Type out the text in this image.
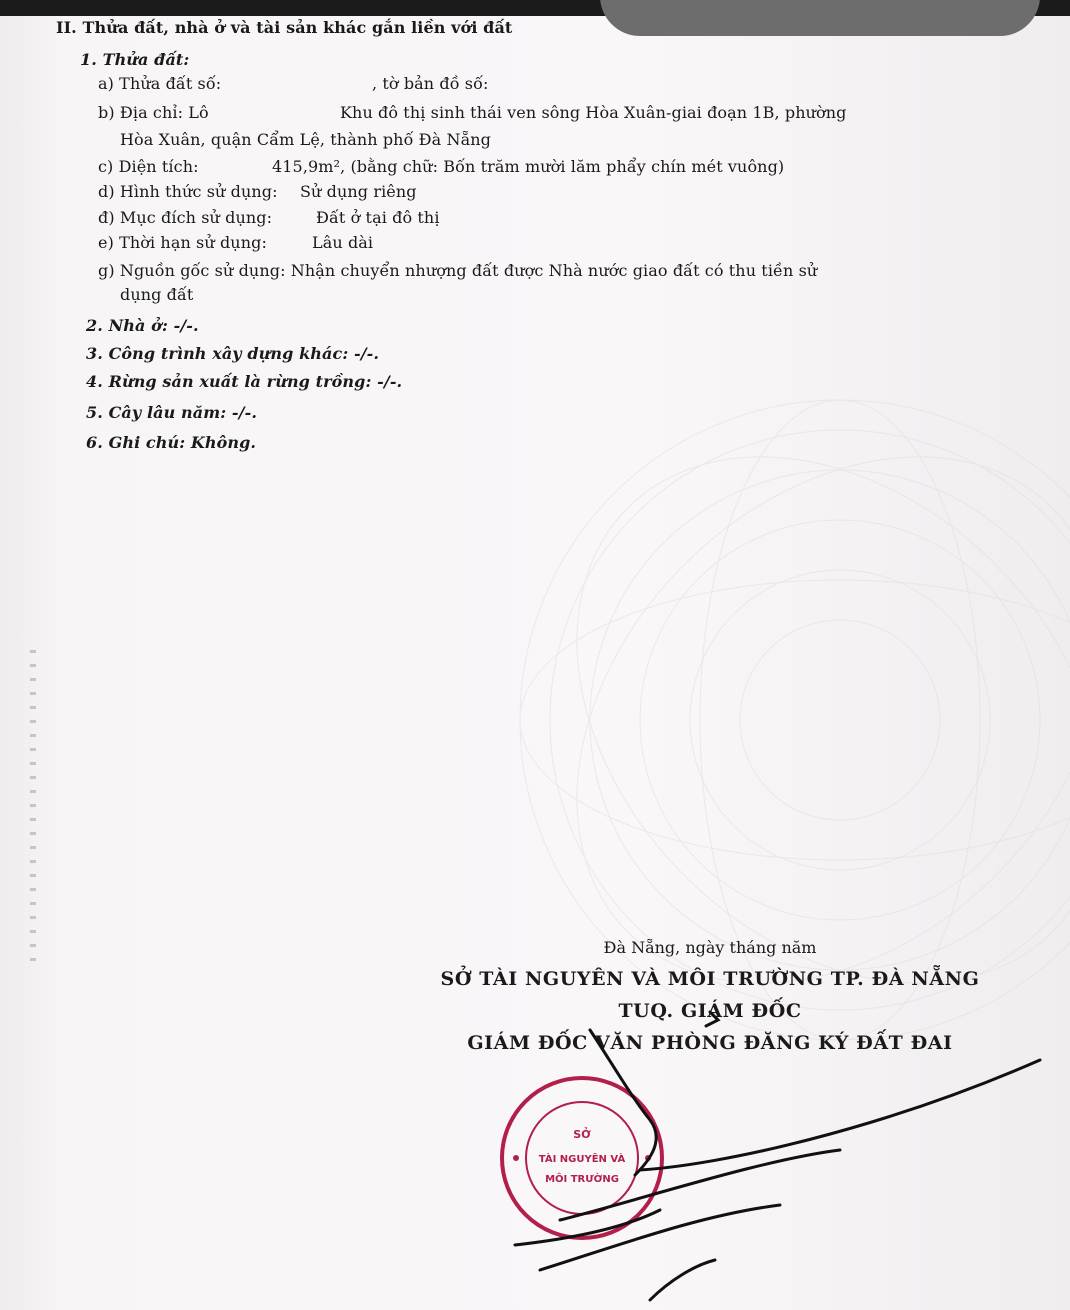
II. Thửa đất, nhà ở và tài sản khác gắn liền với đất
1. Thửa đất:
a) Thửa đất số:	, tờ bản đồ số:
b) Địa chỉ: Lô	Khu đô thị sinh thái ven sông Hòa Xuân-giai đoạn 1B, phường
Hòa Xuân, quận Cẩm Lệ, thành phố Đà Nẵng
c) Diện tích:	415,9m², (bằng chữ: Bốn trăm mười lăm phẩy chín mét vuông)
d) Hình thức sử dụng: Sử dụng riêng
đ) Mục đích sử dụng:	Đất ở tại đô thị
e) Thời hạn sử dụng:	Lâu dài
g) Nguồn gốc sử dụng: Nhận chuyển nhượng đất được Nhà nước giao đất có thu tiền sử
dụng đất
2. Nhà ở: -/-.
3. Công trình xây dựng khác: -/-.
4. Rừng sản xuất là rừng trồng: -/-.
5. Cây lâu năm: -/-.
6. Ghi chú: Không.
Đà Nẵng, ngày tháng năm
SỞ TÀI NGUYÊN VÀ MÔI TRƯỜNG TP. ĐÀ NẴNG
TUQ. GIÁM ĐỐC
GIÁM ĐỐC VĂN PHÒNG ĐĂNG KÝ ĐẤT ĐAI
SỞ
TÀI NGUYÊN VÀ
MÔI TRƯỜNG
